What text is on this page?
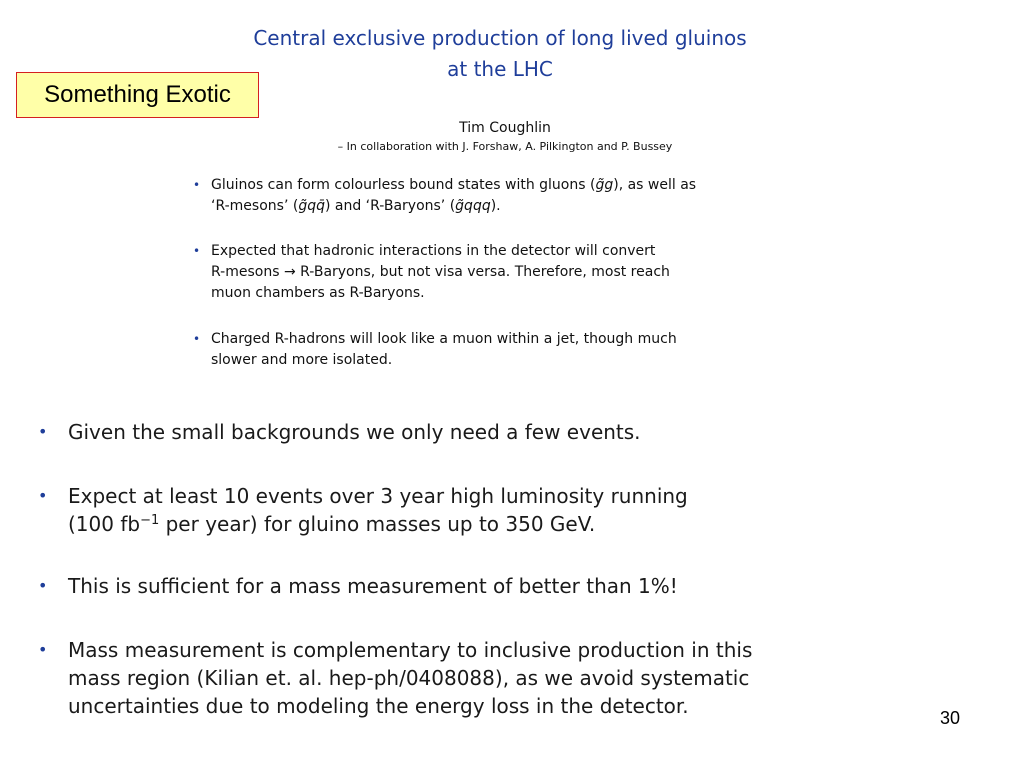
Central exclusive production of long lived gluinos
at the LHC
Something Exotic
Tim Coughlin
– In collaboration with J. Forshaw, A. Pilkington and P. Bussey
• Gluinos can form colourless bound states with gluons (g̃g), as well as
‘R-mesons’ (g̃qq̄) and ‘R-Baryons’ (g̃qqq).
• Expected that hadronic interactions in the detector will convert
R-mesons → R-Baryons, but not visa versa. Therefore, most reach
muon chambers as R-Baryons.
• Charged R-hadrons will look like a muon within a jet, though much
slower and more isolated.
•	Given the small backgrounds we only need a few events.
•	Expect at least 10 events over 3 year high luminosity running
(100 $fb^{-1}$ per year) for gluino masses up to 350 GeV.
•	This is sufficient for a mass measurement of better than 1%!
•	Mass measurement is complementary to inclusive production in this
mass region (Kilian et. al. hep-ph/0408088), as we avoid systematic
uncertainties due to modeling the energy loss in the detector.	30
